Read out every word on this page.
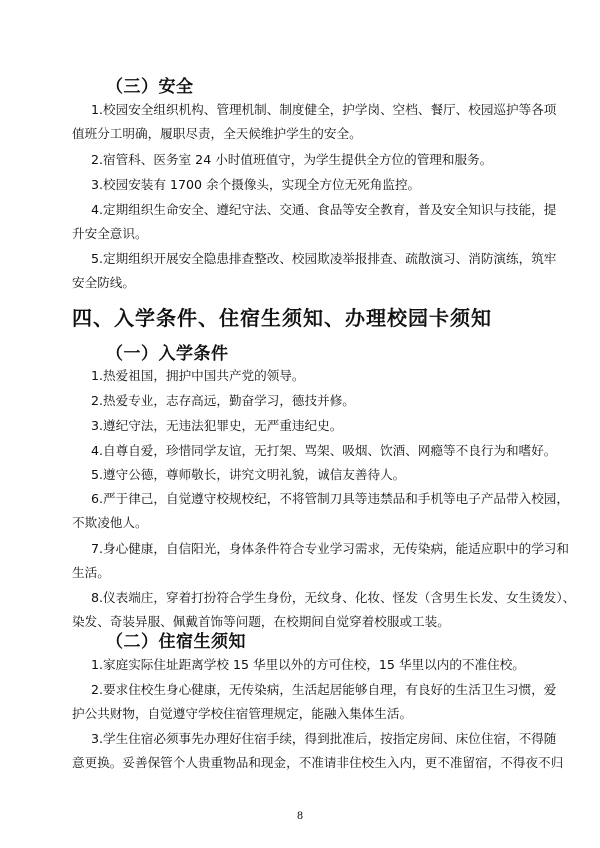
（三）安全
1.校园安全组织机构、管理机制、制度健全，护学岗、空档、餐厅、校园巡护等各项
值班分工明确，履职尽责，全天候维护学生的安全。
2.宿管科、医务室 24 小时值班值守，为学生提供全方位的管理和服务。
3.校园安装有 1700 余个摄像头，实现全方位无死角监控。
4.定期组织生命安全、遵纪守法、交通、食品等安全教育，普及安全知识与技能，提
升安全意识。
5.定期组织开展安全隐患排查整改、校园欺凌举报排查、疏散演习、消防演练，筑牢
安全防线。
四、入学条件、住宿生须知、办理校园卡须知
（一）入学条件
1.热爱祖国，拥护中国共产党的领导。
2.热爱专业，志存高远，勤奋学习，德技并修。
3.遵纪守法，无违法犯罪史，无严重违纪史。
4.自尊自爱，珍惜同学友谊，无打架、骂架、吸烟、饮酒、网瘾等不良行为和嗜好。
5.遵守公德，尊师敬长，讲究文明礼貌，诚信友善待人。
6.严于律己，自觉遵守校规校纪，不将管制刀具等违禁品和手机等电子产品带入校园，
不欺凌他人。
7.身心健康，自信阳光，身体条件符合专业学习需求，无传染病，能适应职中的学习和
生活。
8.仪表端庄，穿着打扮符合学生身份，无纹身、化妆、怪发（含男生长发、女生烫发）、
染发、奇装异服、佩戴首饰等问题，在校期间自觉穿着校服或工装。
（二）住宿生须知
1.家庭实际住址距离学校 15 华里以外的方可住校，15 华里以内的不准住校。
2.要求住校生身心健康，无传染病，生活起居能够自理，有良好的生活卫生习惯，爱
护公共财物，自觉遵守学校住宿管理规定，能融入集体生活。
3.学生住宿必须事先办理好住宿手续，得到批准后，按指定房间、床位住宿，不得随
意更换。妥善保管个人贵重物品和现金，不准请非住校生入内，更不准留宿，不得夜不归
8
